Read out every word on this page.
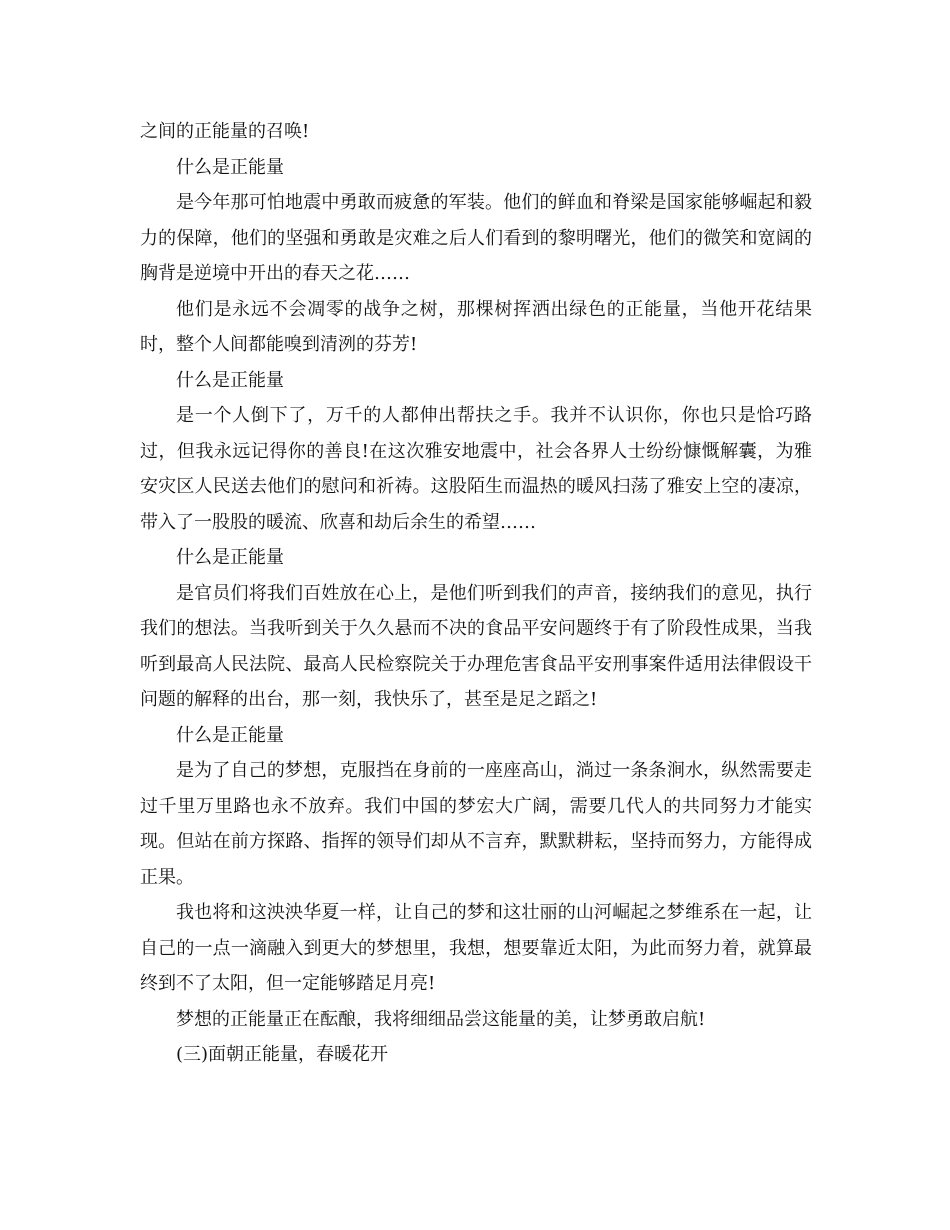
之间的正能量的召唤!

什么是正能量

是今年那可怕地震中勇敢而疲惫的军装。他们的鲜血和脊梁是国家能够崛起和毅力的保障，他们的坚强和勇敢是灾难之后人们看到的黎明曙光，他们的微笑和宽阔的胸背是逆境中开出的春天之花……

他们是永远不会凋零的战争之树，那棵树挥洒出绿色的正能量，当他开花结果时，整个人间都能嗅到清洌的芬芳!

什么是正能量

是一个人倒下了，万千的人都伸出帮扶之手。我并不认识你，你也只是恰巧路过，但我永远记得你的善良!在这次雅安地震中，社会各界人士纷纷慷慨解囊，为雅安灾区人民送去他们的慰问和祈祷。这股陌生而温热的暖风扫荡了雅安上空的凄凉，带入了一股股的暖流、欣喜和劫后余生的希望……

什么是正能量

是官员们将我们百姓放在心上，是他们听到我们的声音，接纳我们的意见，执行我们的想法。当我听到关于久久悬而不决的食品平安问题终于有了阶段性成果，当我听到最高人民法院、最高人民检察院关于办理危害食品平安刑事案件适用法律假设干问题的解释的出台，那一刻，我快乐了，甚至是足之蹈之!

什么是正能量

是为了自己的梦想，克服挡在身前的一座座高山，淌过一条条涧水，纵然需要走过千里万里路也永不放弃。我们中国的梦宏大广阔，需要几代人的共同努力才能实现。但站在前方探路、指挥的领导们却从不言弃，默默耕耘，坚持而努力，方能得成正果。

我也将和这泱泱华夏一样，让自己的梦和这壮丽的山河崛起之梦维系在一起，让自己的一点一滴融入到更大的梦想里，我想，想要靠近太阳，为此而努力着，就算最终到不了太阳，但一定能够踏足月亮!

梦想的正能量正在酝酿，我将细细品尝这能量的美，让梦勇敢启航!

(三)面朝正能量，春暖花开
